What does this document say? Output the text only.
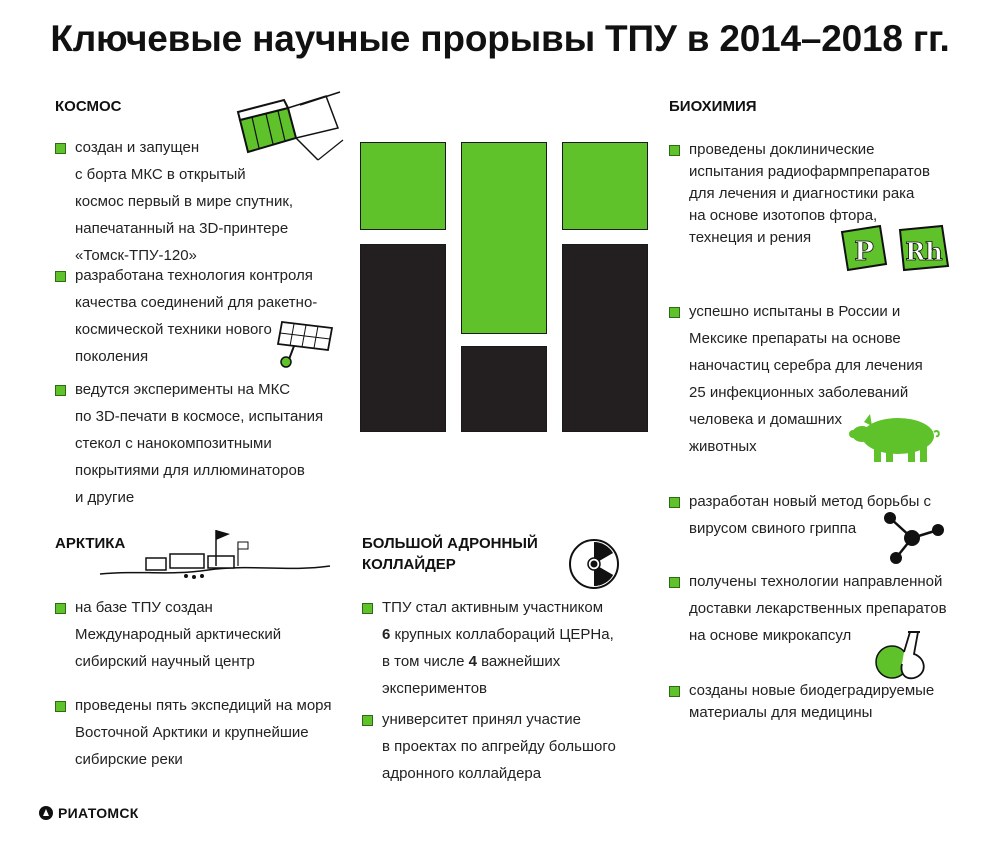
Ключевые научные прорывы ТПУ в 2014–2018 гг.
КОСМОС
создан и запущен
с борта МКС в открытый
космос первый в мире спутник,
напечатанный на 3D-принтере
«Томск-ТПУ-120»
разработана технология контроля
качества соединений для ракетно-
космической техники нового
поколения
ведутся эксперименты на МКС
по 3D-печати в космосе, испытания
стекол с нанокомпозитными
покрытиями для иллюминаторов
и другие
АРКТИКА
на базе ТПУ создан
Международный арктический
сибирский научный центр
проведены пять экспедиций на моря
Восточной Арктики и крупнейшие
сибирские реки
БОЛЬШОЙ АДРОННЫЙ
КОЛЛАЙДЕР
ТПУ стал активным участником
6 крупных коллабораций ЦЕРНа,
в том числе 4 важнейших
экспериментов
университет принял участие
в проектах по апгрейду большого
адронного коллайдера
БИОХИМИЯ
проведены доклинические
испытания радиофармпрепаратов
для лечения и диагностики рака
на основе изотопов фтора,
технеция и рения	P Rh
успешно испытаны в России и
Мексике препараты на основе
наночастиц серебра для лечения
25 инфекционных заболеваний
человека и домашних
животных
разработан новый метод борьбы с
вирусом свиного гриппа
получены технологии направленной
доставки лекарственных препаратов
на основе микрокапсул
созданы новые биодеградируемые
материалы для медицины
РИАТОМСК
